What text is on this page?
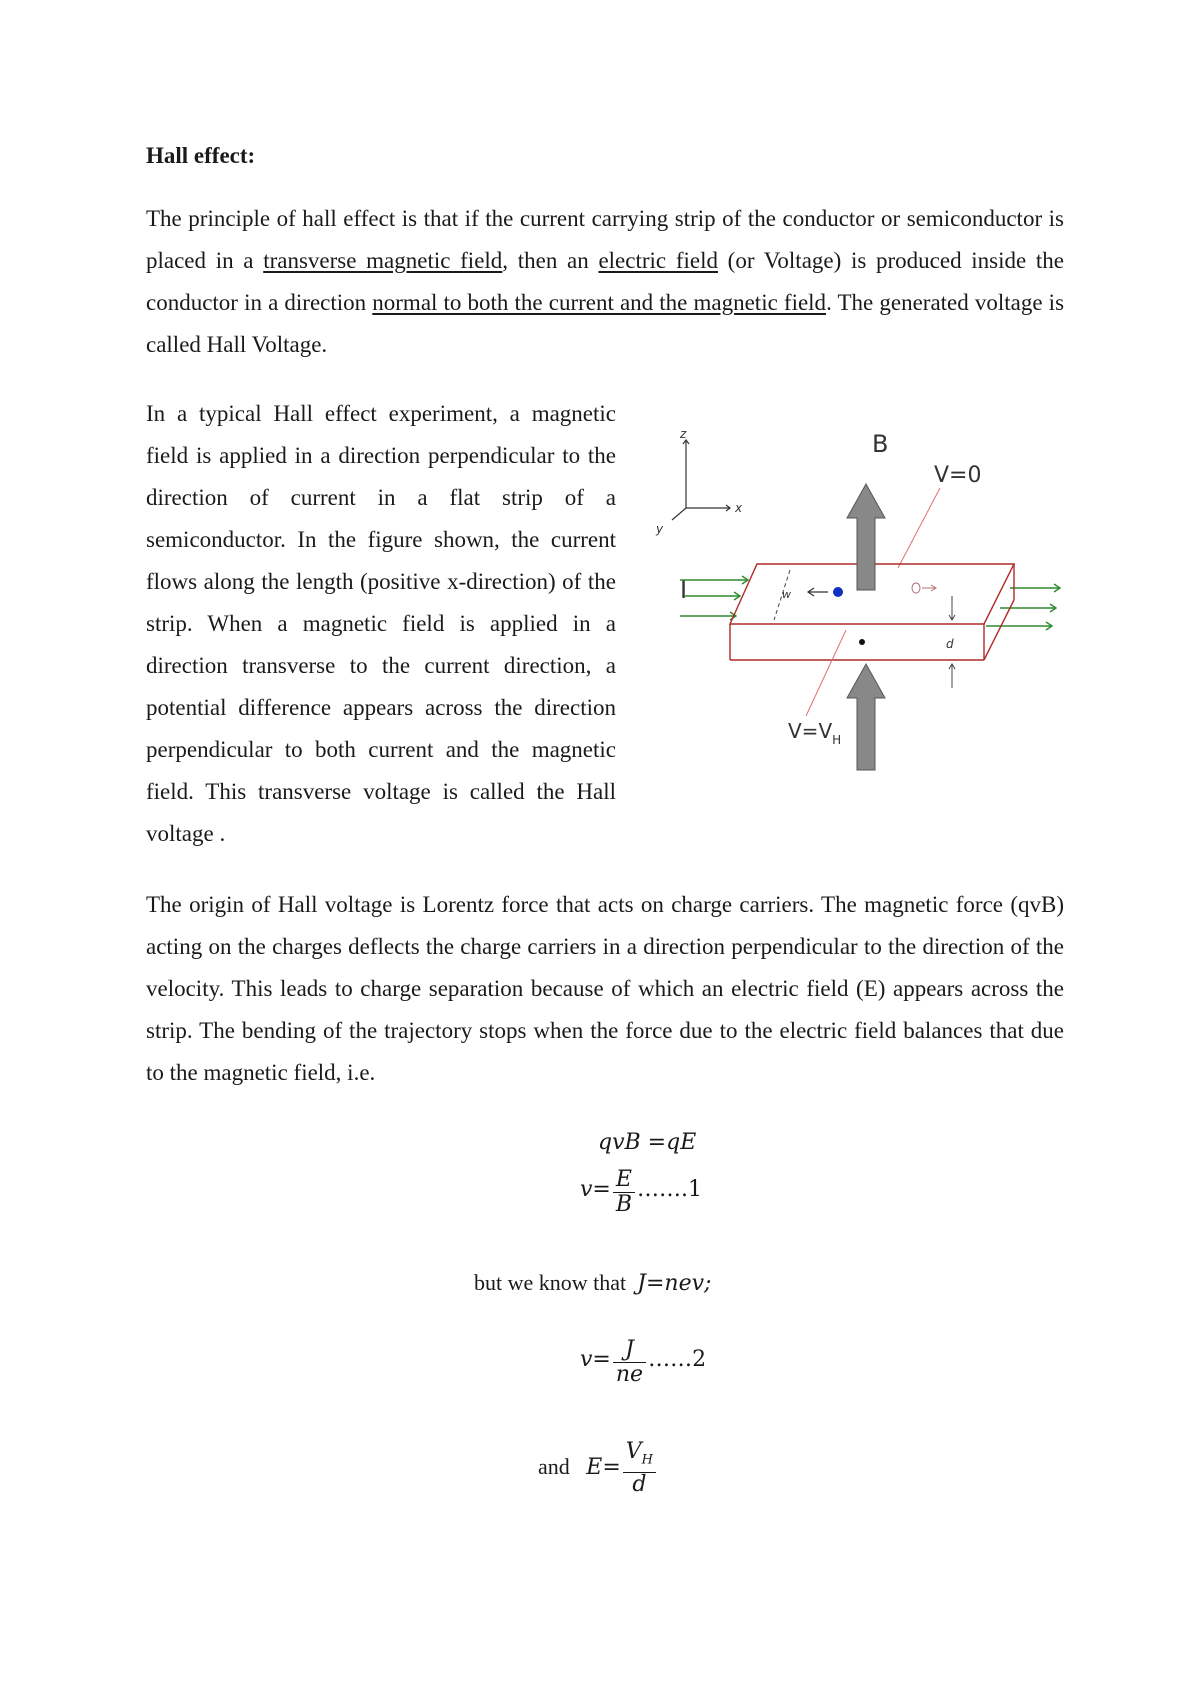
Hall effect:
The principle of hall effect is that if the current carrying strip of the conductor or semiconductor is placed in a transverse magnetic field, then an electric field (or Voltage) is produced inside the conductor in a direction normal to both the current and the magnetic field. The generated voltage is called Hall Voltage.
In a typical Hall effect experiment, a magnetic field is applied in a direction perpendicular to the direction of current in a flat strip of a semiconductor. In the figure shown, the current flows along the length (positive x-direction) of the strip. When a magnetic field is applied in a direction transverse to the current direction, a potential difference appears across the direction perpendicular to both current and the magnetic field. This transverse voltage is called the Hall voltage .
z
x
y
B
V=0
I	w
d
$V=V_H$
The origin of Hall voltage is Lorentz force that acts on charge carriers. The magnetic force (qvB) acting on the charges deflects the charge carriers in a direction perpendicular to the direction of the velocity. This leads to charge separation because of which an electric field (E) appears across the strip. The bending of the trajectory stops when the force due to the electric field balances that due to the magnetic field, i.e.
qvB =qE
$v= \frac{E}{B}$ …….1
but we know that  J=nev;
$v= \frac{J}{ne}$ ……2
and   $E= \frac{V_H}{d}$
